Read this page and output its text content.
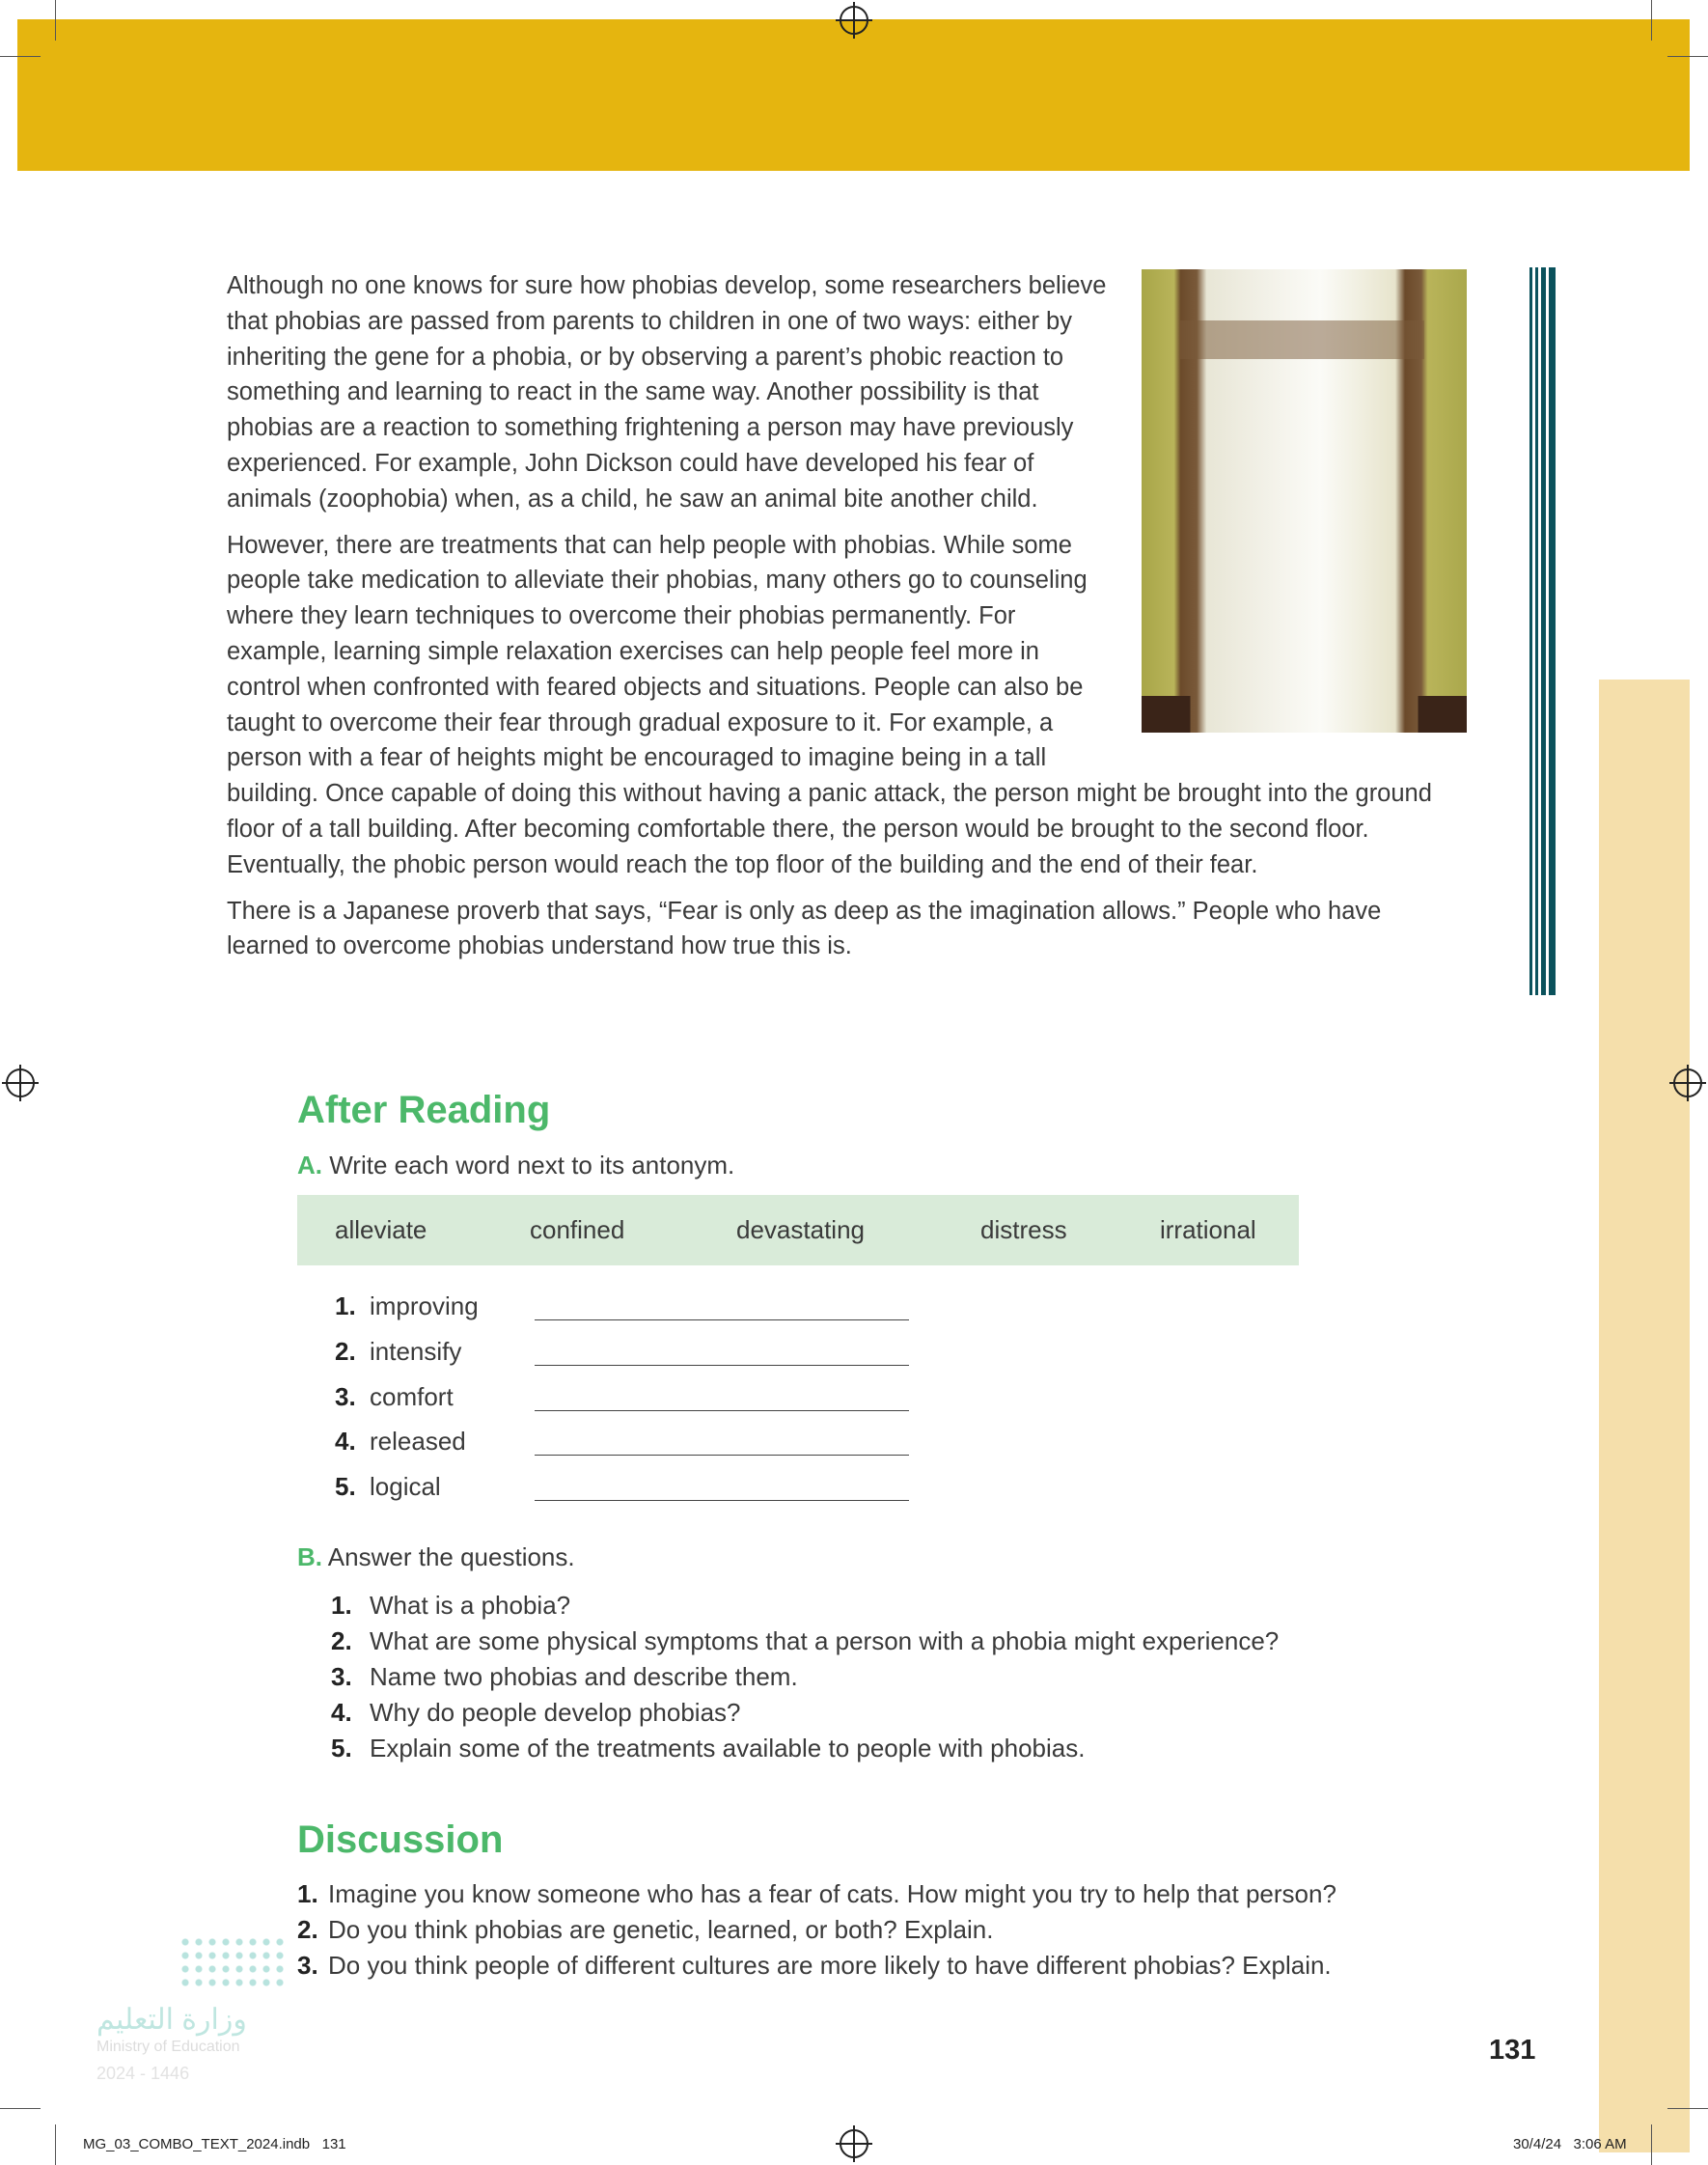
Although no one knows for sure how phobias develop, some researchers believe that phobias are passed from parents to children in one of two ways: either by inheriting the gene for a phobia, or by observing a parent’s phobic reaction to something and learning to react in the same way. Another possibility is that phobias are a reaction to something frightening a person may have previously experienced. For example, John Dickson could have developed his fear of animals (zoophobia) when, as a child, he saw an animal bite another child.

However, there are treatments that can help people with phobias. While some people take medication to alleviate their phobias, many others go to counseling where they learn techniques to overcome their phobias permanently. For example, learning simple relaxation exercises can help people feel more in control when confronted with feared objects and situations. People can also be taught to overcome their fear through gradual exposure to it. For example, a person with a fear of heights might be encouraged to imagine being in a tall building. Once capable of doing this without having a panic attack, the person might be brought into the ground floor of a tall building. After becoming comfortable there, the person would be brought to the second floor. Eventually, the phobic person would reach the top floor of the building and the end of their fear.

There is a Japanese proverb that says, “Fear is only as deep as the imagination allows.” People who have learned to overcome phobias understand how true this is.

After Reading
A. Write each word next to its antonym.
alleviate	confined	devastating	distress	irrational
1. improving
2. intensify
3. comfort
4. released
5. logical
B. Answer the questions.
1. What is a phobia?
2. What are some physical symptoms that a person with a phobia might experience?
3. Name two phobias and describe them.
4. Why do people develop phobias?
5. Explain some of the treatments available to people with phobias.
Discussion
1. Imagine you know someone who has a fear of cats. How might you try to help that person?
2. Do you think phobias are genetic, learned, or both? Explain.
3. Do you think people of different cultures are more likely to have different phobias? Explain.
وزارة التعليم
Ministry of Education
2024 - 1446
131
MG_03_COMBO_TEXT_2024.indb   131	30/4/24   3:06 AM
